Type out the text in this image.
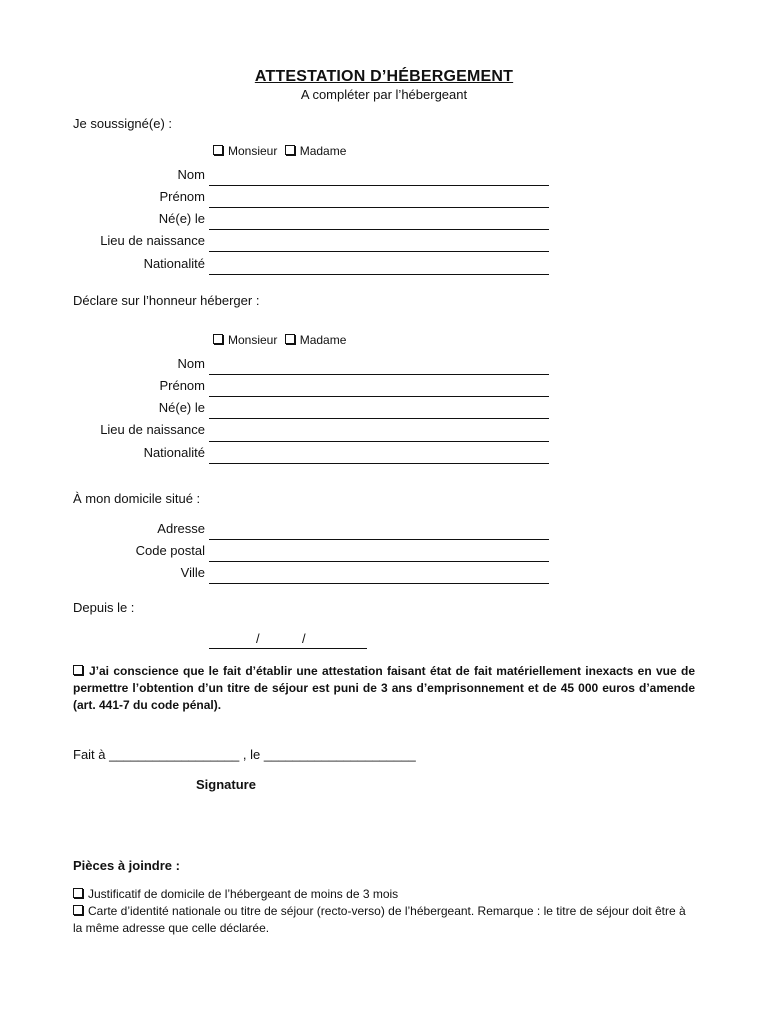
ATTESTATION D’HÉBERGEMENT
A compléter par l’hébergeant
Je soussigné(e) :
Monsieur Madame
Nom
Prénom
Né(e) le
Lieu de naissance
Nationalité
Déclare sur l’honneur héberger :
Monsieur Madame
Nom
Prénom
Né(e) le
Lieu de naissance
Nationalité
À mon domicile situé :
Adresse
Code postal
Ville
Depuis le :
/	/
J’ai conscience que le fait d’établir une attestation faisant état de fait matériellement inexacts en vue de permettre l’obtention d’un titre de séjour est puni de 3 ans d’emprisonnement et de 45 000 euros d’amende (art. 441-7 du code pénal).
Fait à __________________ , le _____________________
Signature
Pièces à joindre :
Justificatif de domicile de l’hébergeant de moins de 3 mois
Carte d’identité nationale ou titre de séjour (recto-verso) de l’hébergeant. Remarque : le titre de séjour doit être à la même adresse que celle déclarée.
